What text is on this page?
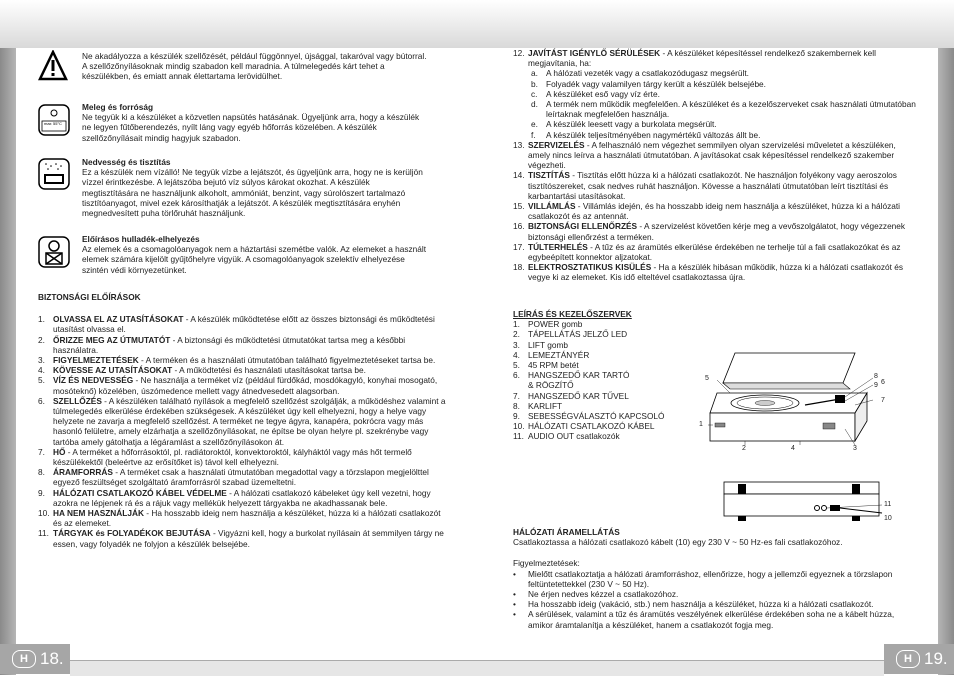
Ne akadályozza a készülék szellőzését, például függönnyel, újsággal, takaróval vagy bútorral. A szellőzőnyílásoknak mindig szabadon kell maradnia. A túlmelegedés kárt tehet a készülékben, és emiatt annak élettartama lerövidülhet.

max 55°C

Meleg és forróság

Ne tegyük ki a készüléket a közvetlen napsütés hatásának. Ügyeljünk arra, hogy a készülék ne legyen fűtőberendezés, nyílt láng vagy egyéb hőforrás közelében. A készülék szellőzőnyílásait mindig hagyjuk szabadon.

Nedvesség és tisztítás

Ez a készülék nem vízálló! Ne tegyük vízbe a lejátszót, és ügyeljünk arra, hogy ne is kerüljön vízzel érintkezésbe. A lejátszóba bejutó víz súlyos károkat okozhat. A készülék megtisztítására ne használjunk alkoholt, ammóniát, benzint, vagy súrolószert tartalmazó tisztítóanyagot, mivel ezek károsíthatják a lejátszót. A készülék megtisztítására enyhén megnedvesített puha törlőruhát használjunk.

Előírásos hulladék-elhelyezés

Az elemek és a csomagolóanyagok nem a háztartási szemétbe valók. Az elemeket a használt elemek számára kijelölt gyűjtőhelyre vigyük. A csomagolóanyagok szelektív elhelyezése szintén védi környezetünket.

BIZTONSÁGI ELŐÍRÁSOK
1. OLVASSA EL AZ UTASÍTÁSOKAT - A készülék működtetése előtt az összes biztonsági és működtetési utasítást olvassa el.
2. ŐRIZZE MEG AZ ÚTMUTATÓT - A biztonsági és működtetési útmutatókat tartsa meg a későbbi használatra.
3. FIGYELMEZTETÉSEK - A terméken és a használati útmutatóban található figyelmeztetéseket tartsa be.
4. KÖVESSE AZ UTASÍTÁSOKAT - A működtetési és használati utasításokat tartsa be.
5. VÍZ ÉS NEDVESSÉG - Ne használja a terméket víz (például fürdőkád, mosdókagyló, konyhai mosogató, mosóteknő) közelében, úszómedence mellett vagy átnedvesedett alagsorban.
6. SZELLŐZÉS - A készüléken található nyílások a megfelelő szellőzést szolgálják, a működéshez valamint a túlmelegedés elkerülése érdekében szükségesek. A készüléket úgy kell elhelyezni, hogy a helye vagy helyzete ne zavarja a megfelelő szellőzést. A terméket ne tegye ágyra, kanapéra, pokrócra vagy más hasonló felületre, amely elzárhatja a szellőzőnyílásokat, ne építse be olyan helyre pl. szekrénybe vagy tartóba amely gátolhatja a légáramlást a szellőzőnyílásokon át.
7. HŐ - A terméket a hőforrásoktól, pl. radiátoroktól, konvektoroktól, kályháktól vagy más hőt termelő készülékektől (beleértve az erősítőket is) távol kell elhelyezni.
8. ÁRAMFORRÁS - A terméket csak a használati útmutatóban megadottal vagy a törzslapon megjelölttel egyező feszültséget szolgáltató áramforrásról szabad üzemeltetni.
9. HÁLÓZATI CSATLAKOZÓ KÁBEL VÉDELME - A hálózati csatlakozó kábeleket úgy kell vezetni, hogy azokra ne lépjenek rá és a rájuk vagy mellékük helyezett tárgyakba ne akadhassanak bele.
10. HA NEM HASZNÁLJÁK - Ha hosszabb ideig nem használja a készüléket, húzza ki a hálózati csatlakozót és az elemeket.
11. TÁRGYAK és FOLYADÉKOK BEJUTÁSA - Vigyázni kell, hogy a burkolat nyílásain át semmilyen tárgy ne essen, vagy folyadék ne folyjon a készülék belsejébe.
12. JAVÍTÁST IGÉNYLŐ SÉRÜLÉSEK - A készüléket képesítéssel rendelkező szakembernek kell megjavítania, ha:
a. A hálózati vezeték vagy a csatlakozódugasz megsérült.
b. Folyadék vagy valamilyen tárgy került a készülék belsejébe.
c. A készüléket eső vagy víz érte.
d. A termék nem működik megfelelően. A készüléket és a kezelőszerveket csak használati útmutatóban leírtaknak megfelelően használja.
e. A készülék leesett vagy a burkolata megsérült.
f. A készülék teljesítményében nagymértékű változás állt be.
13. SZERVIZELÉS - A felhasználó nem végezhet semmilyen olyan szervizelési műveletet a készüléken, amely nincs leírva a használati útmutatóban. A javításokat csak képesítéssel rendelkező szakember végezheti.
14. TISZTÍTÁS - Tisztítás előtt húzza ki a hálózati csatlakozót. Ne használjon folyékony vagy aeroszolos tisztítószereket, csak nedves ruhát használjon. Kövesse a használati útmutatóban leírt tisztítási és karbantartási utasításokat.
15. VILLÁMLÁS - Villámlás idején, és ha hosszabb ideig nem használja a készüléket, húzza ki a hálózati csatlakozót és az antennát.
16. BIZTONSÁGI ELLENŐRZÉS - A szervizelést követően kérje meg a vevőszolgálatot, hogy végezzenek biztonsági ellenőrzést a terméken.
17. TÚLTERHELÉS - A tűz és az áramütés elkerülése érdekében ne terhelje túl a fali csatlakozókat és az egybeépített konnektor aljzatokat.
18. ELEKTROSZTATIKUS KISÜLÉS - Ha a készülék hibásan működik, húzza ki a hálózati csatlakozót és vegye ki az elemeket. Kis idő elteltével csatlakoztassa újra.
LEÍRÁS ÉS KEZELŐSZERVEK
1. POWER gomb
2. TÁPELLÁTÁS JELZŐ LED
3. LIFT gomb
4. LEMEZTÁNYÉR
5. 45 RPM betét
6. HANGSZEDŐ KAR TARTÓ
& RÖGZÍTŐ
7. HANGSZEDŐ KAR TŰVEL
8. KARLIFT
9. SEBESSÉGVÁLASZTÓ KAPCSOLÓ
10. HÁLÓZATI CSATLAKOZÓ KÁBEL
11. AUDIO OUT csatlakozók
5	8
9 6
7
1
2	4	3
11
10
HÁLÓZATI ÁRAMELLÁTÁS
Csatlakoztassa a hálózati csatlakozó kábelt (10) egy 230 V ~ 50 Hz-es fali csatlakozóhoz.
Figyelmeztetések:
• Mielőtt csatlakoztatja a hálózati áramforráshoz, ellenőrizze, hogy a jellemzői egyeznek a törzslapon feltüntetettekkel (230 V ~ 50 Hz).
• Ne érjen nedves kézzel a csatlakozóhoz.
• Ha hosszabb ideig (vakáció, stb.) nem használja a készüléket, húzza ki a hálózati csatlakozót.
• A sérülések, valamint a tűz és áramütés veszélyének elkerülése érdekében soha ne a kábelt húzza, amikor áramtalanítja a készüléket, hanem a csatlakozót fogja meg.
H 18.	H 19.
